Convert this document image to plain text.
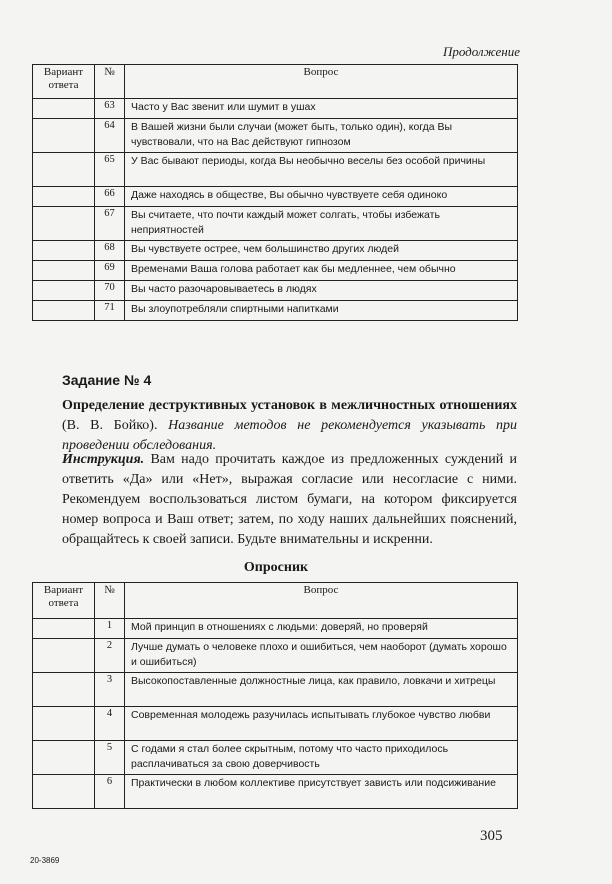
Продолжение
Вариант ответа	№	Вопрос
	63	Часто у Вас звенит или шумит в ушах
	64	В Вашей жизни были случаи (может быть, только один), когда Вы чувствовали, что на Вас действуют гипнозом
	65	У Вас бывают периоды, когда Вы необычно веселы без особой причины
	66	Даже находясь в обществе, Вы обычно чувствуете себя одиноко
	67	Вы считаете, что почти каждый может солгать, чтобы избежать неприятностей
	68	Вы чувствуете острее, чем большинство других людей
	69	Временами Ваша голова работает как бы медленнее, чем обычно
	70	Вы часто разочаровываетесь в людях
	71	Вы злоупотребляли спиртными напитками
Задание № 4
Определение деструктивных установок в межличностных отношениях (В. В. Бойко). Название методов не рекомендуется указывать при проведении обследования.
Инструкция. Вам надо прочитать каждое из предложенных суждений и ответить «Да» или «Нет», выражая согласие или несогласие с ними. Рекомендуем воспользоваться листом бумаги, на котором фиксируется номер вопроса и Ваш ответ; затем, по ходу наших дальнейших пояснений, обращайтесь к своей записи. Будьте внимательны и искренни.
Опросник
Вариант ответа	№	Вопрос
	1	Мой принцип в отношениях с людьми: доверяй, но проверяй
	2	Лучше думать о человеке плохо и ошибиться, чем наоборот (думать хорошо и ошибиться)
	3	Высокопоставленные должностные лица, как правило, ловкачи и хитрецы
	4	Современная молодежь разучилась испытывать глубокое чувство любви
	5	С годами я стал более скрытным, потому что часто приходилось расплачиваться за свою доверчивость
	6	Практически в любом коллективе присутствует зависть или подсиживание
305
20-3869
